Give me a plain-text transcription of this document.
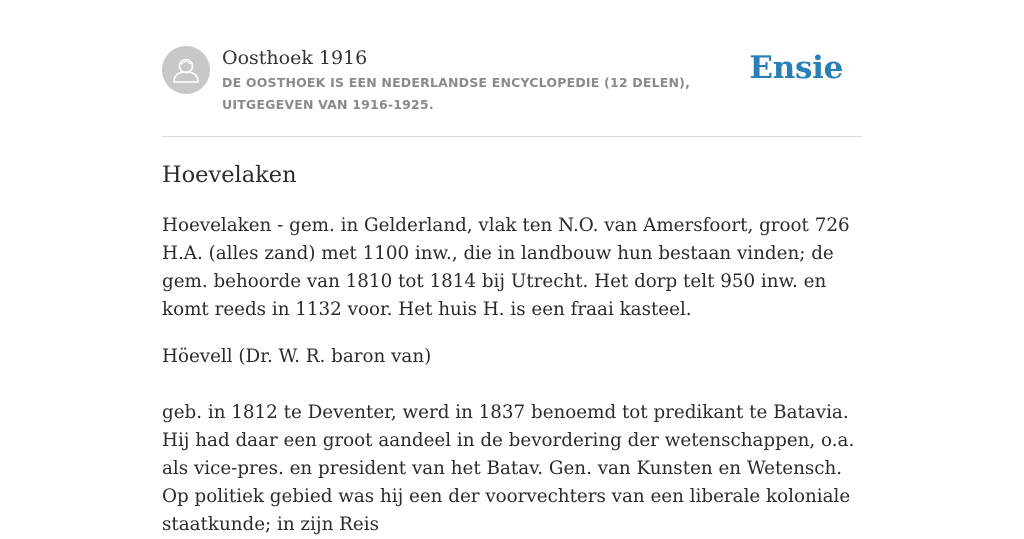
Oosthoek 1916
DE OOSTHOEK IS EEN NEDERLANDSE ENCYCLOPEDIE (12 DELEN), UITGEGEVEN VAN 1916-1925.
Ensie
Hoevelaken

Hoevelaken - gem. in Gelderland, vlak ten N.O. van Amersfoort, groot 726 H.A. (alles zand) met 1100 inw., die in landbouw hun bestaan vinden; de gem. behoorde van 1810 tot 1814 bij Utrecht. Het dorp telt 950 inw. en komt reeds in 1132 voor. Het huis H. is een fraai kasteel.

Höevell (Dr. W. R. baron van)

geb. in 1812 te Deventer, werd in 1837 benoemd tot predikant te Batavia. Hij had daar een groot aandeel in de bevordering der wetenschappen, o.a. als vice-pres. en president van het Batav. Gen. van Kunsten en Wetensch. Op politiek gebied was hij een der voorvechters van een liberale koloniale staatkunde; in zijn Reis
